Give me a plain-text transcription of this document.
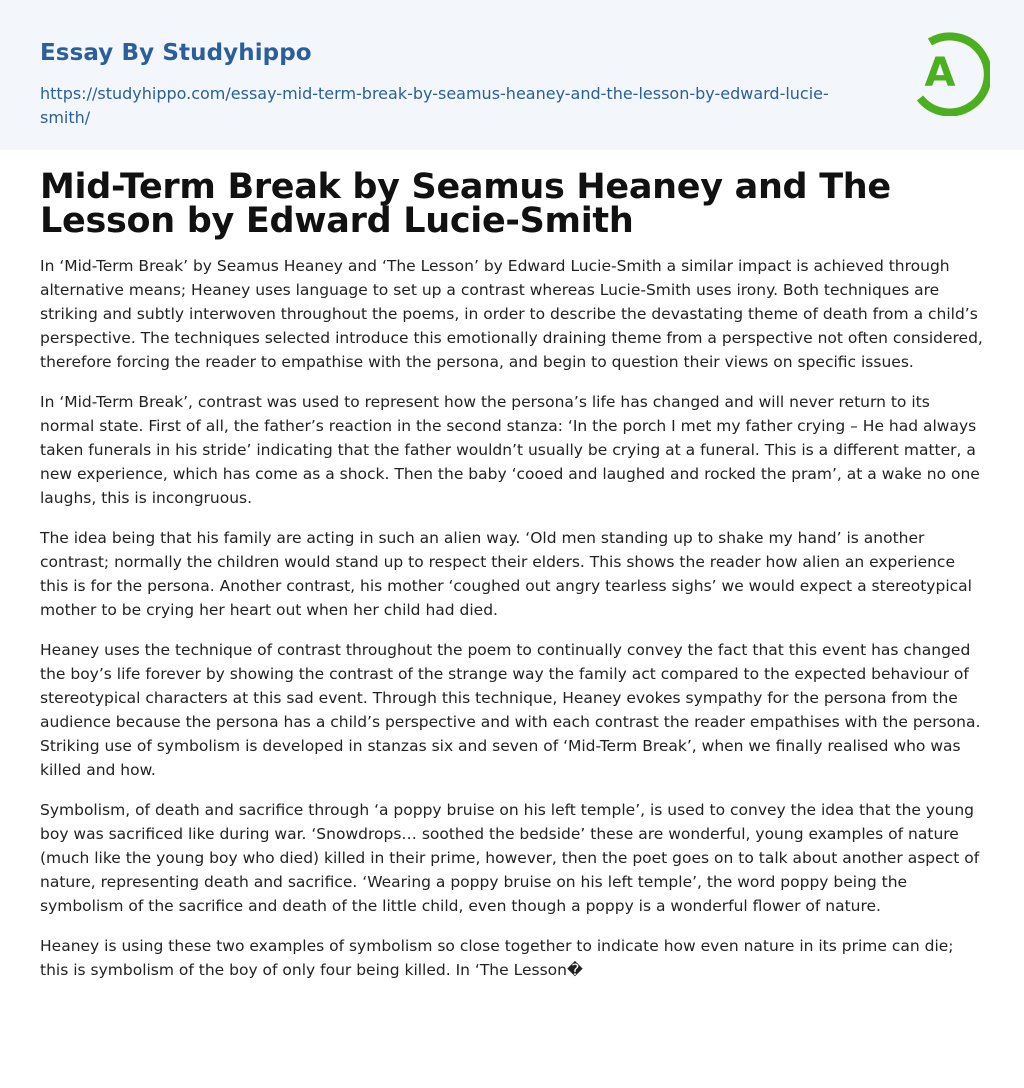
Essay By Studyhippo
https://studyhippo.com/essay-mid-term-break-by-seamus-heaney-and-the-lesson-by-edward-lucie-smith/
A
Mid-Term Break by Seamus Heaney and The Lesson by Edward Lucie-Smith

In ‘Mid-Term Break’ by Seamus Heaney and ‘The Lesson’ by Edward Lucie-Smith a similar impact is achieved through alternative means; Heaney uses language to set up a contrast whereas Lucie-Smith uses irony. Both techniques are striking and subtly interwoven throughout the poems, in order to describe the devastating theme of death from a child’s perspective. The techniques selected introduce this emotionally draining theme from a perspective not often considered, therefore forcing the reader to empathise with the persona, and begin to question their views on specific issues.

In ‘Mid-Term Break’, contrast was used to represent how the persona’s life has changed and will never return to its normal state. First of all, the father’s reaction in the second stanza: ‘In the porch I met my father crying – He had always taken funerals in his stride’ indicating that the father wouldn’t usually be crying at a funeral. This is a different matter, a new experience, which has come as a shock. Then the baby ‘cooed and laughed and rocked the pram’, at a wake no one laughs, this is incongruous.

The idea being that his family are acting in such an alien way. ‘Old men standing up to shake my hand’ is another contrast; normally the children would stand up to respect their elders. This shows the reader how alien an experience this is for the persona. Another contrast, his mother ‘coughed out angry tearless sighs’ we would expect a stereotypical mother to be crying her heart out when her child had died.

Heaney uses the technique of contrast throughout the poem to continually convey the fact that this event has changed the boy’s life forever by showing the contrast of the strange way the family act compared to the expected behaviour of stereotypical characters at this sad event. Through this technique, Heaney evokes sympathy for the persona from the audience because the persona has a child’s perspective and with each contrast the reader empathises with the persona. Striking use of symbolism is developed in stanzas six and seven of ‘Mid-Term Break’, when we finally realised who was killed and how.

Symbolism, of death and sacrifice through ‘a poppy bruise on his left temple’, is used to convey the idea that the young boy was sacrificed like during war. ‘Snowdrops… soothed the bedside’ these are wonderful, young examples of nature (much like the young boy who died) killed in their prime, however, then the poet goes on to talk about another aspect of nature, representing death and sacrifice. ‘Wearing a poppy bruise on his left temple’, the word poppy being the symbolism of the sacrifice and death of the little child, even though a poppy is a wonderful flower of nature.

Heaney is using these two examples of symbolism so close together to indicate how even nature in its prime can die; this is symbolism of the boy of only four being killed. In ‘The Lesson�
